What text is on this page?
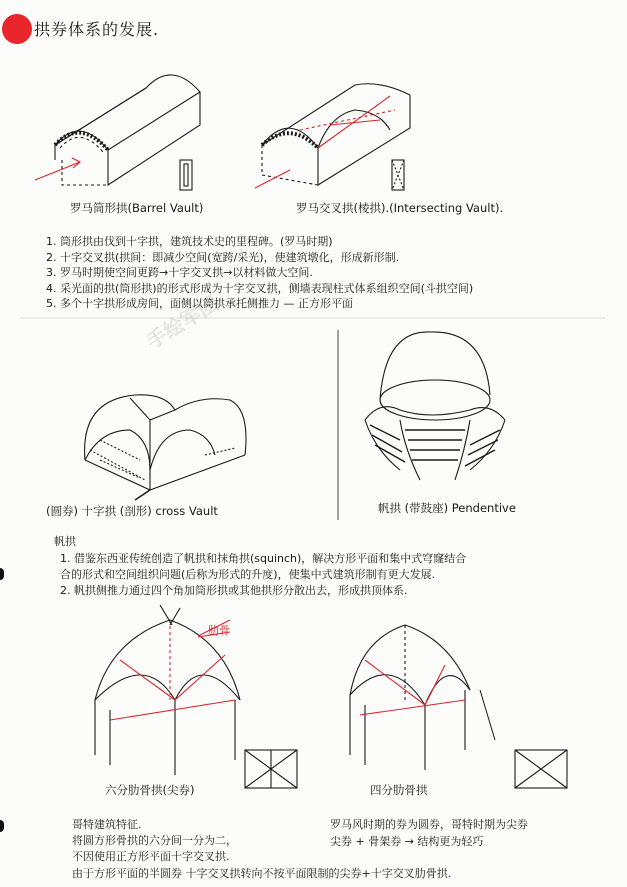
拱券体系的发展.
手绘军团
罗马筒形拱(Barrel Vault)	罗马交叉拱(棱拱).(Intersecting Vault).
1. 筒形拱由伐到十字拱，建筑技术史的里程碑。(罗马时期)
2. 十字交叉拱(拱间：即减少空间(宽跨/采光)，使建筑墩化，形成新形制.
3. 罗马时期使空间更跨→十字交叉拱→以材料做大空间.
4. 采光面的拱(筒形拱)的形式形成为十字交叉拱，侧墙表现柱式体系组织空间(斗拱空间)
5. 多个十字拱形成房间，面侧以筒拱承托侧推力 — 正方形平面
(圆券) 十字拱 (剖形) cross Vault	帆拱 (带鼓座) Pendentive
帆拱
1. 借鉴东西亚传统创造了帆拱和抹角拱(squinch)，解决方形平面和集中式穹窿结合
合的形式和空间组织问题(后称为形式的升度)，使集中式建筑形制有更大发展.
2. 帆拱侧推力通过四个角加筒形拱或其他拱形分散出去，形成拱顶体系.
肋骨
六分肋骨拱(尖券)	四分肋骨拱
哥特建筑特征.
将圆方形骨拱的六分间一分为二，
不因使用正方形平面十字交叉拱.
由于方形平面的半圆券 十字交叉拱转向不按平面限制的尖券+十字交叉肋骨拱.
罗马风时期的券为圆券，哥特时期为尖券
尖券 + 骨架券 → 结构更为轻巧
